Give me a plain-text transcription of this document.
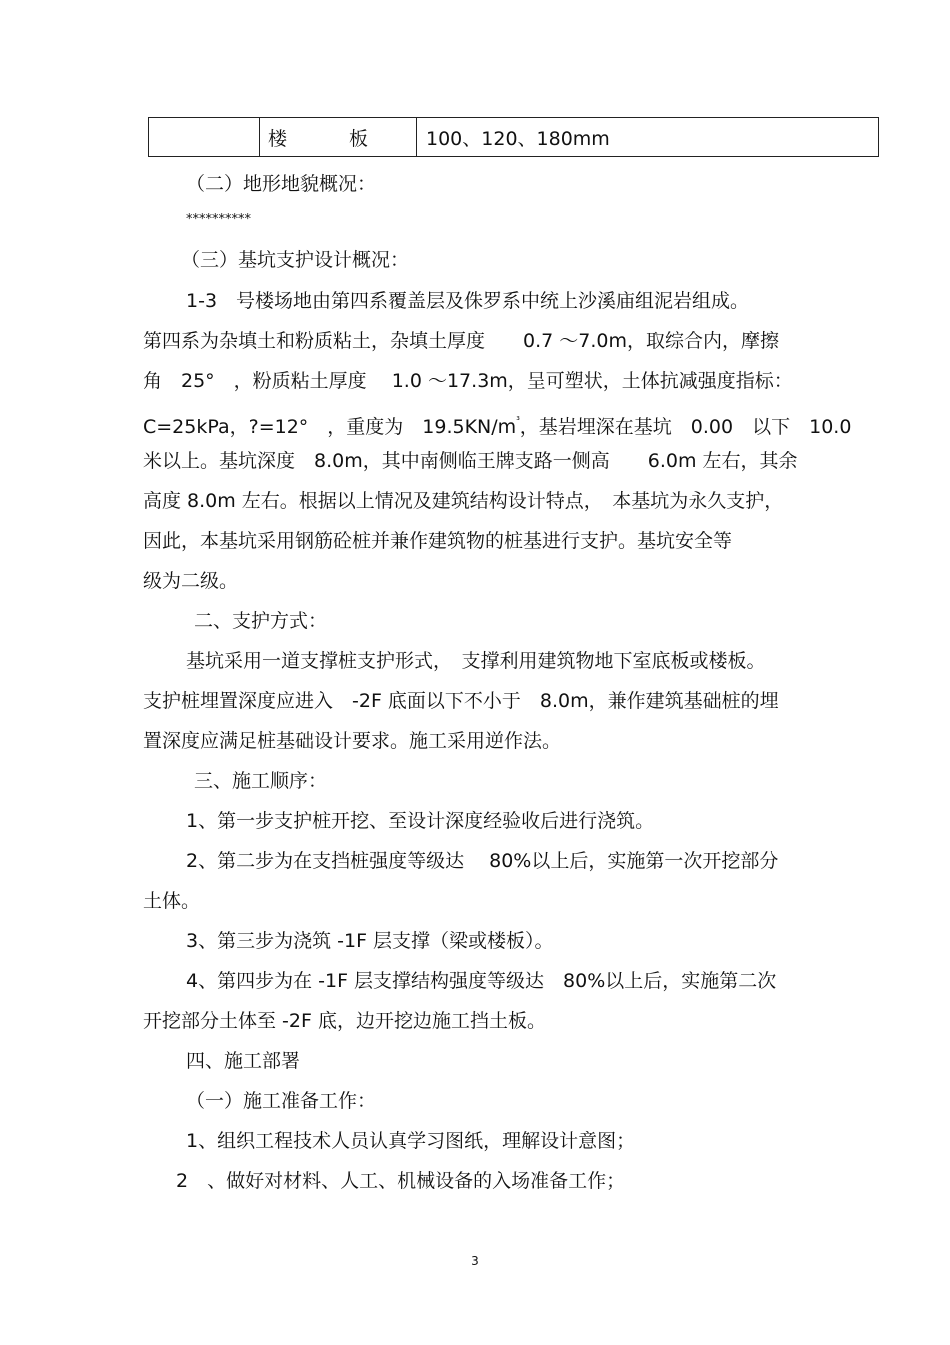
楼	板	100、120、180mm
（二）地形地貌概况：
**********
（三）基坑支护设计概况：
1-3　号楼场地由第四系覆盖层及侏罗系中统上沙溪庙组泥岩组成。
第四系为杂填土和粉质粘土，杂填土厚度　　0.7 ～7.0m，取综合内，摩擦
角　25°　，粉质粘土厚度　 1.0 ～17.3m，呈可塑状，土体抗减强度指标：
C=25kPa，?=12°　，重度为　$19.5KN/m^{^3}$，基岩埋深在基坑　0.00　以下　10.0
米以上。基坑深度　8.0m，其中南侧临王牌支路一侧高　　6.0m 左右，其余
高度 8.0m 左右。根据以上情况及建筑结构设计特点，　本基坑为永久支护，
因此，本基坑采用钢筋砼桩并兼作建筑物的桩基进行支护。基坑安全等
级为二级。
二、支护方式：
基坑采用一道支撑桩支护形式，　支撑利用建筑物地下室底板或楼板。
支护桩埋置深度应进入　-2F 底面以下不小于　8.0m，兼作建筑基础桩的埋
置深度应满足桩基础设计要求。施工采用逆作法。
三、施工顺序：
1、第一步支护桩开挖、至设计深度经验收后进行浇筑。
2、第二步为在支挡桩强度等级达　 80%以上后，实施第一次开挖部分
土体。
3、第三步为浇筑 -1F 层支撑（梁或楼板）。
4、第四步为在 -1F 层支撑结构强度等级达　80%以上后，实施第二次
开挖部分土体至 -2F 底，边开挖边施工挡土板。
四、施工部署
（一）施工准备工作：
1、组织工程技术人员认真学习图纸，理解设计意图；
2　、做好对材料、人工、机械设备的入场准备工作；
3
